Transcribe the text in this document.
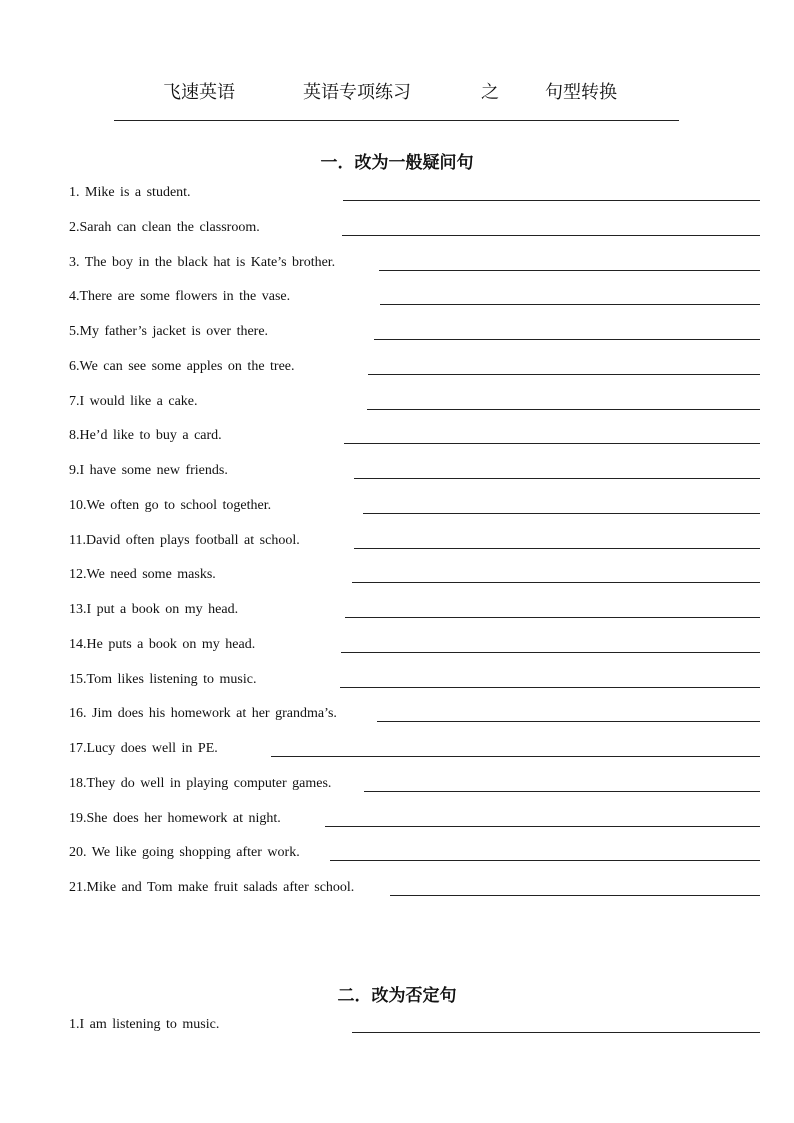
飞速英语	英语专项练习	之	句型转换
一．改为一般疑问句
1. Mike is a student.
2.Sarah can clean the classroom.
3. The boy in the black hat is Kate’s brother.
4.There are some flowers in the vase.
5.My father’s jacket is over there.
6.We can see some apples on the tree.
7.I would like a cake.
8.He’d like to buy a card.
9.I have some new friends.
10.We often go to school together.
11.David often plays football at school.
12.We need some masks.
13.I put a book on my head.
14.He puts a book on my head.
15.Tom likes listening to music.
16. Jim does his homework at her grandma’s.
17.Lucy does well in PE.
18.They do well in playing computer games.
19.She does her homework at night.
20. We like going shopping after work.
21.Mike and Tom make fruit salads after school.
二．改为否定句
1.I am listening to music.
